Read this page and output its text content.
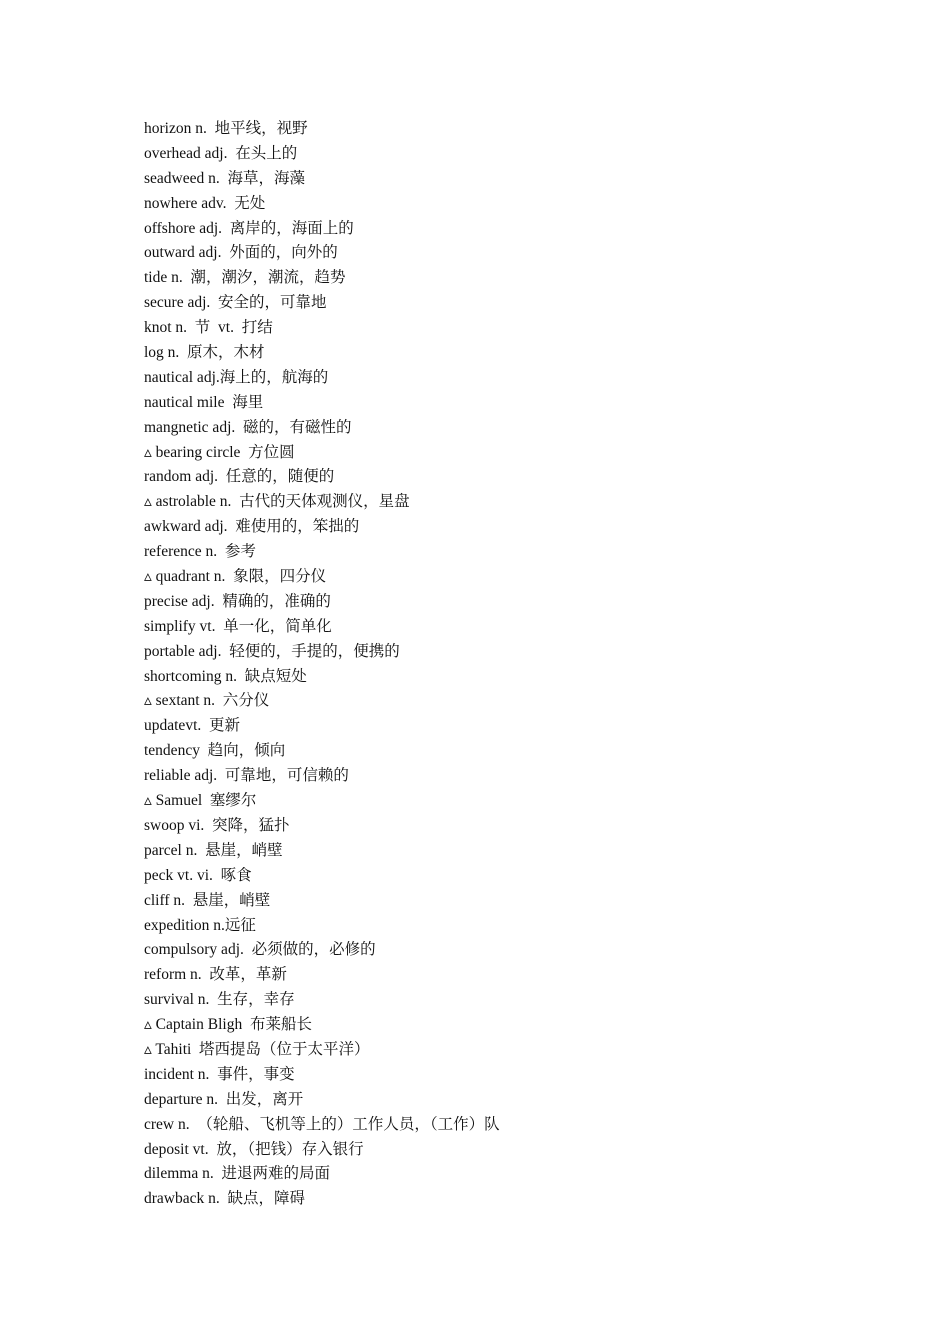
horizon n.  地平线，视野
overhead adj.  在头上的
seadweed n.  海草，海藻
nowhere adv.  无处
offshore adj.  离岸的，海面上的
outward adj.  外面的，向外的
tide n.  潮，潮汐，潮流，趋势
secure adj.  安全的，可靠地
knot n.  节  vt.  打结
log n.  原木，木材
nautical adj.海上的，航海的
nautical mile  海里
mangnetic adj.  磁的，有磁性的
▵ bearing circle  方位圆
random adj.  任意的，随便的
▵ astrolable n.  古代的天体观测仪，星盘
awkward adj.  难使用的，笨拙的
reference n.  参考
▵ quadrant n.  象限，四分仪
precise adj.  精确的，准确的
simplify vt.  单一化，简单化
portable adj.  轻便的，手提的，便携的
shortcoming n.  缺点短处
▵ sextant n.  六分仪
updatevt.  更新
tendency  趋向，倾向
reliable adj.  可靠地，可信赖的
▵ Samuel  塞缪尔
swoop vi.  突降，猛扑
parcel n.  悬崖，峭壁
peck vt. vi.  啄食
cliff n.  悬崖，峭壁
expedition n.远征
compulsory adj.  必须做的，必修的
reform n.  改革，革新
survival n.  生存，幸存
▵ Captain Bligh  布莱船长
▵ Tahiti  塔西提岛（位于太平洋）
incident n.  事件，事变
departure n.  出发，离开
crew n.  （轮船、飞机等上的）工作人员，（工作）队
deposit vt.  放，（把钱）存入银行
dilemma n.  进退两难的局面
drawback n.  缺点，障碍
